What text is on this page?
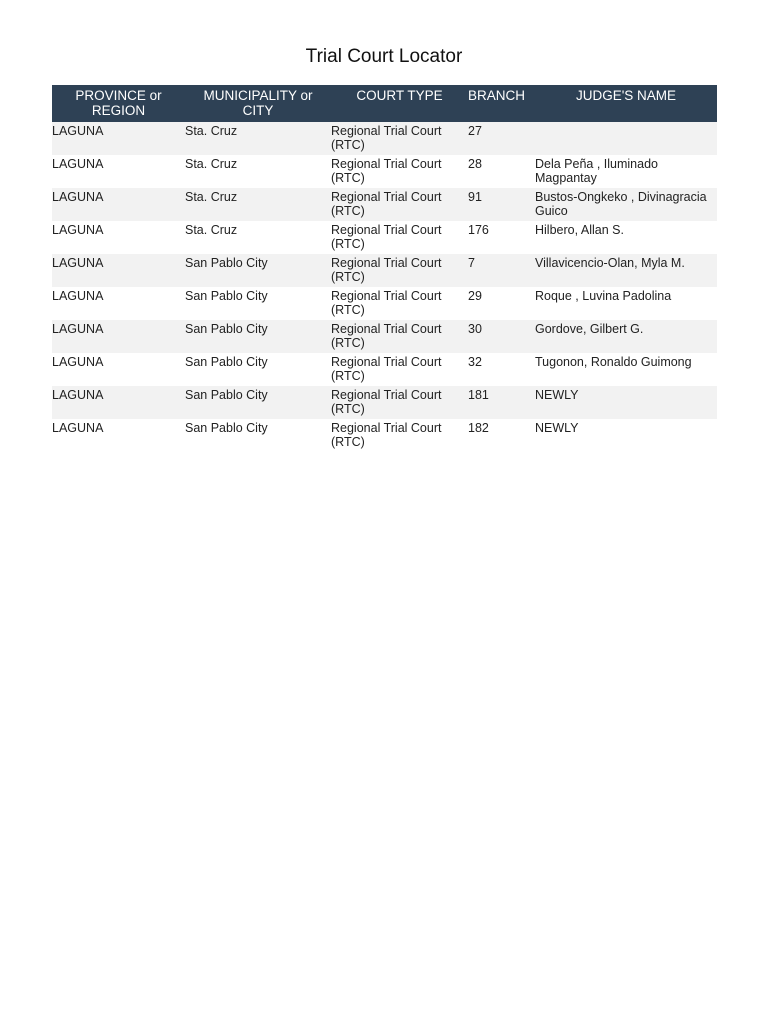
Trial Court Locator
PROVINCE or REGION	MUNICIPALITY or CITY	COURT TYPE	BRANCH	JUDGE'S NAME
LAGUNA	Sta. Cruz	Regional Trial Court (RTC)	27	
LAGUNA	Sta. Cruz	Regional Trial Court (RTC)	28	Dela Peña , Iluminado Magpantay
LAGUNA	Sta. Cruz	Regional Trial Court (RTC)	91	Bustos-Ongkeko , Divinagracia Guico
LAGUNA	Sta. Cruz	Regional Trial Court (RTC)	176	Hilbero, Allan S.
LAGUNA	San Pablo City	Regional Trial Court (RTC)	7	Villavicencio-Olan, Myla M.
LAGUNA	San Pablo City	Regional Trial Court (RTC)	29	Roque , Luvina Padolina
LAGUNA	San Pablo City	Regional Trial Court (RTC)	30	Gordove, Gilbert G.
LAGUNA	San Pablo City	Regional Trial Court (RTC)	32	Tugonon, Ronaldo Guimong
LAGUNA	San Pablo City	Regional Trial Court (RTC)	181	NEWLY
LAGUNA	San Pablo City	Regional Trial Court (RTC)	182	NEWLY
